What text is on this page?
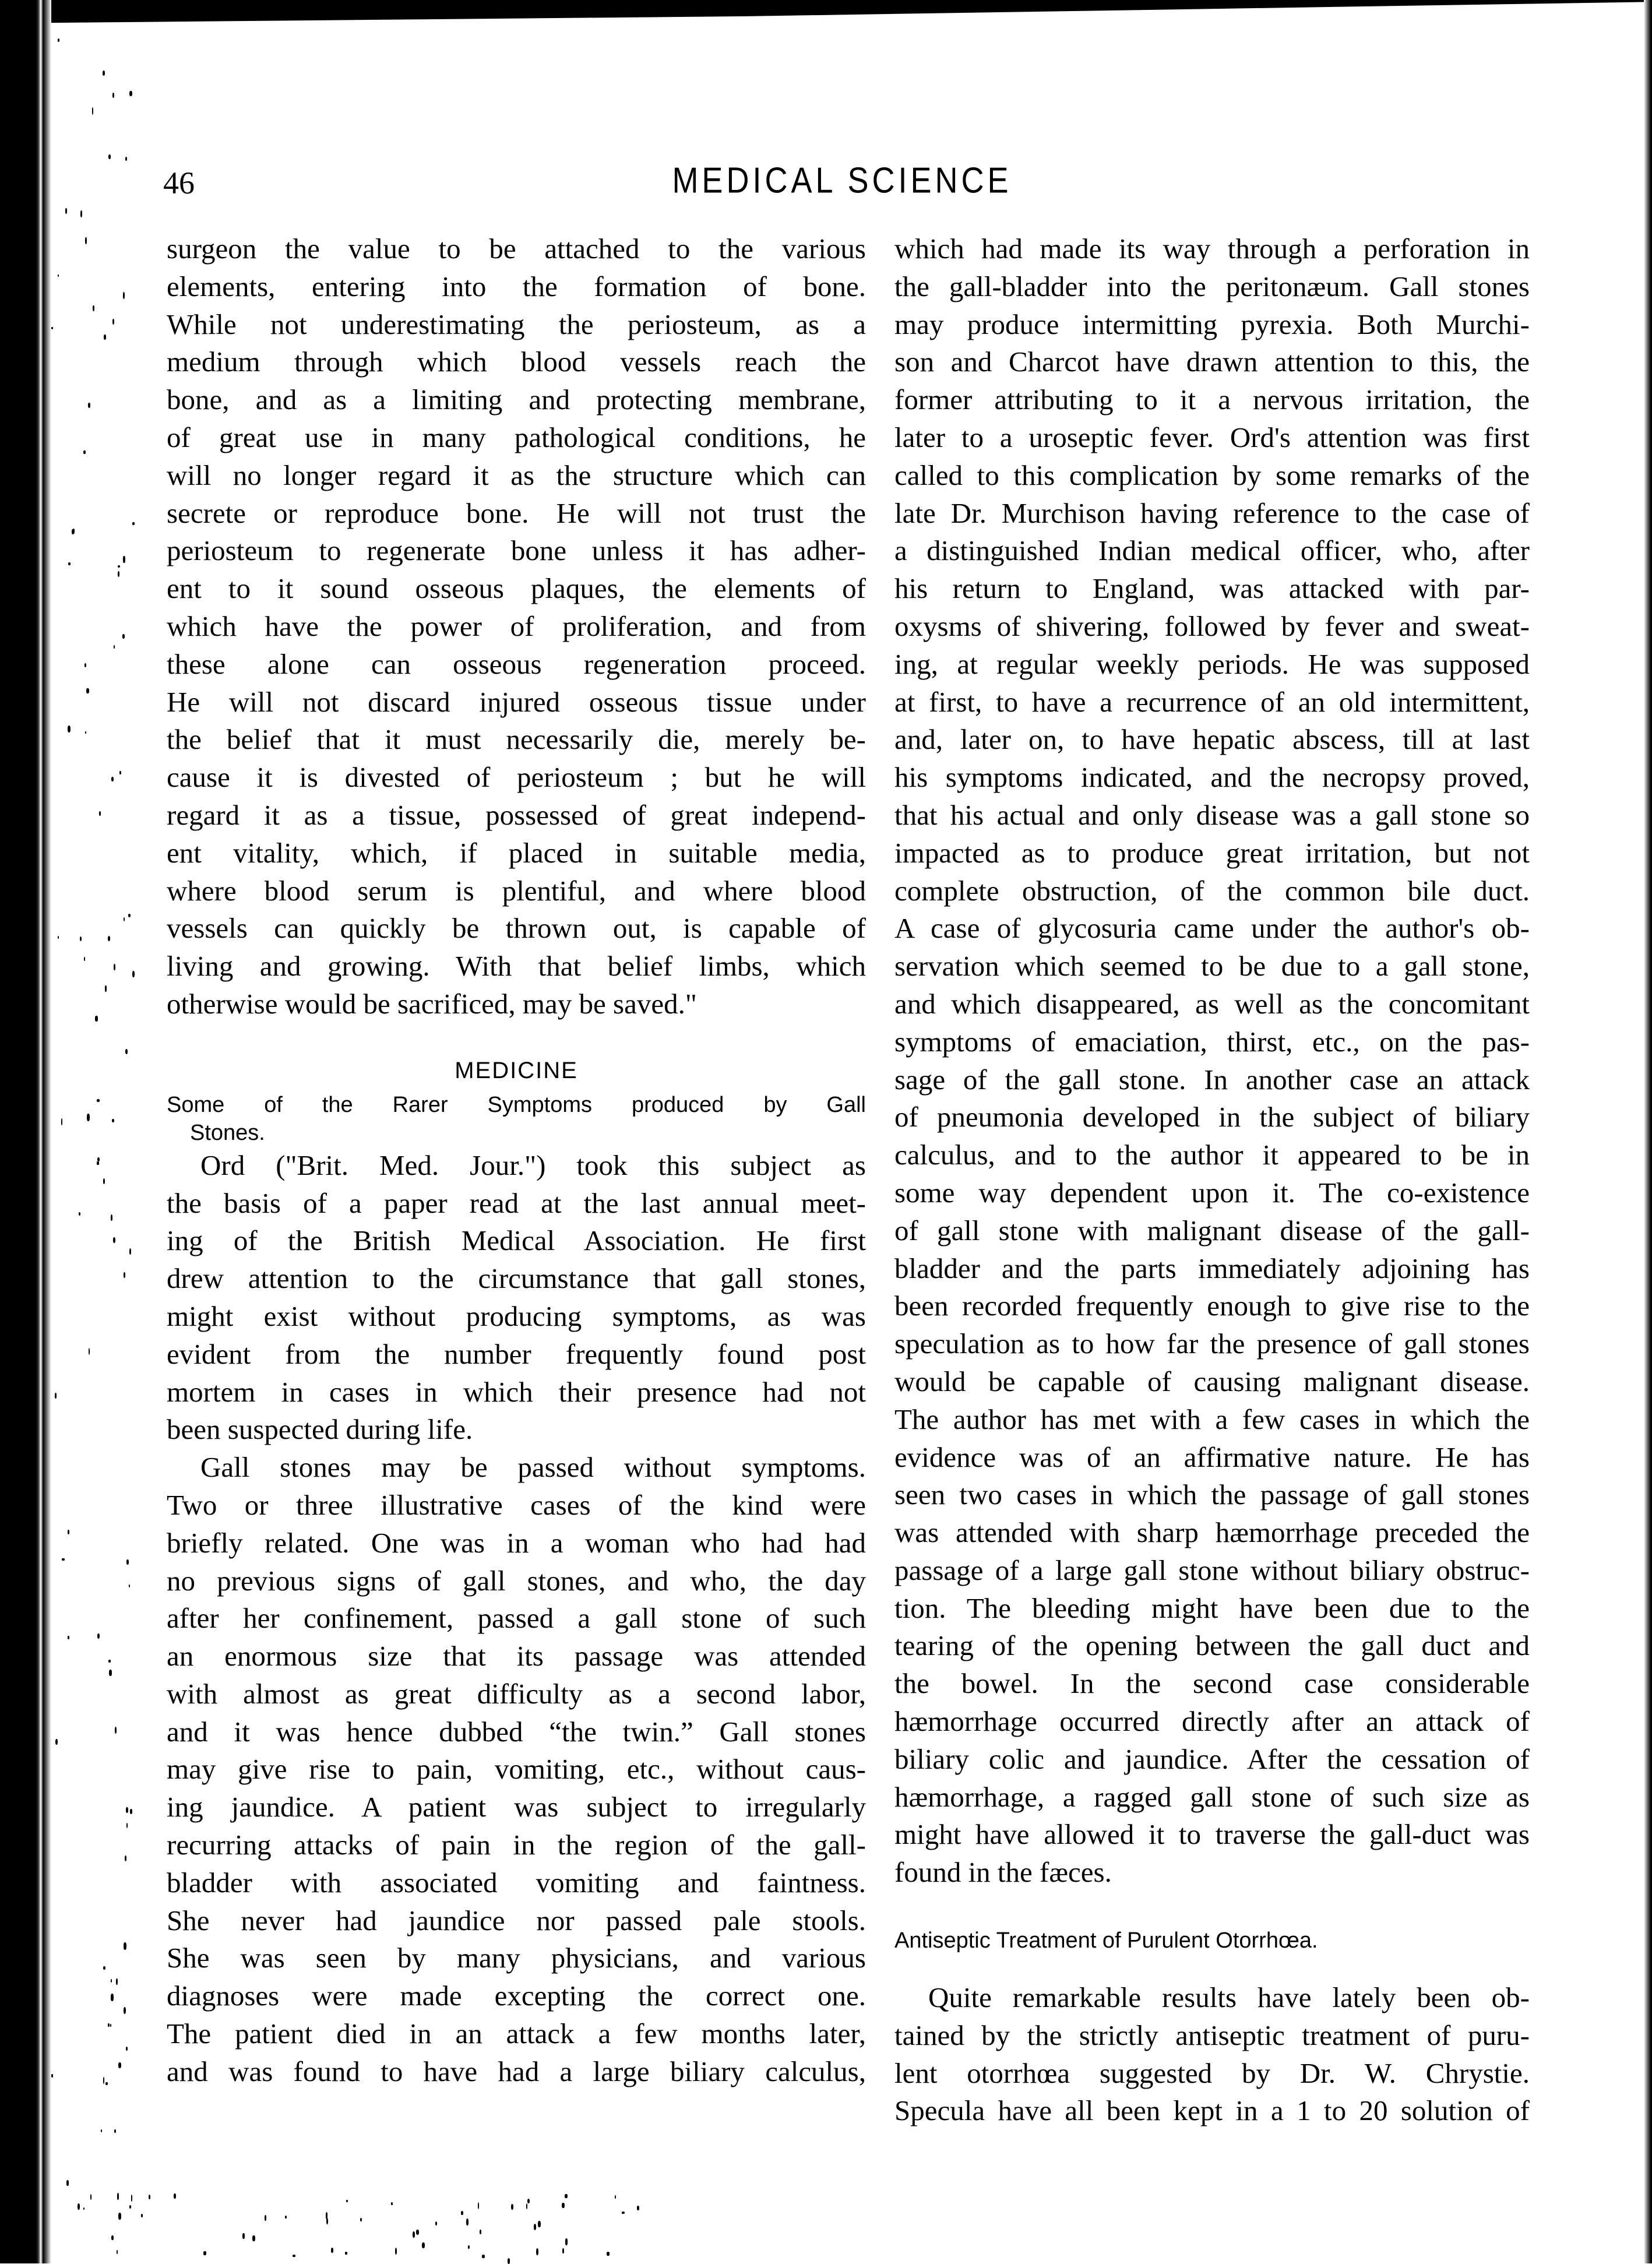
46	MEDICAL SCIENCE
surgeon the value to be attached to the various
elements, entering into the formation of bone.
While not underestimating the periosteum, as a
medium through which blood vessels reach the
bone, and as a limiting and protecting membrane,
of great use in many pathological conditions, he
will no longer regard it as the structure which can
secrete or reproduce bone. He will not trust the
periosteum to regenerate bone unless it has adher-
ent to it sound osseous plaques, the elements of
which have the power of proliferation, and from
these alone can osseous regeneration proceed.
He will not discard injured osseous tissue under
the belief that it must necessarily die, merely be-
cause it is divested of periosteum ; but he will
regard it as a tissue, possessed of great independ-
ent vitality, which, if placed in suitable media,
where blood serum is plentiful, and where blood
vessels can quickly be thrown out, is capable of
living and growing. With that belief limbs, which
otherwise would be sacrificed, may be saved."
MEDICINE
Some of the Rarer Symptoms produced by Gall
Stones.
Ord ("Brit. Med. Jour.") took this subject as
the basis of a paper read at the last annual meet-
ing of the British Medical Association. He first
drew attention to the circumstance that gall stones,
might exist without producing symptoms, as was
evident from the number frequently found post
mortem in cases in which their presence had not
been suspected during life.
Gall stones may be passed without symptoms.
Two or three illustrative cases of the kind were
briefly related. One was in a woman who had had
no previous signs of gall stones, and who, the day
after her confinement, passed a gall stone of such
an enormous size that its passage was attended
with almost as great difficulty as a second labor,
and it was hence dubbed “the twin.” Gall stones
may give rise to pain, vomiting, etc., without caus-
ing jaundice. A patient was subject to irregularly
recurring attacks of pain in the region of the gall-
bladder with associated vomiting and faintness.
She never had jaundice nor passed pale stools.
She was seen by many physicians, and various
diagnoses were made excepting the correct one.
The patient died in an attack a few months later,
and was found to have had a large biliary calculus,
which had made its way through a perforation in
the gall-bladder into the peritonæum. Gall stones
may produce intermitting pyrexia. Both Murchi-
son and Charcot have drawn attention to this, the
former attributing to it a nervous irritation, the
later to a uroseptic fever. Ord's attention was first
called to this complication by some remarks of the
late Dr. Murchison having reference to the case of
a distinguished Indian medical officer, who, after
his return to England, was attacked with par-
oxysms of shivering, followed by fever and sweat-
ing, at regular weekly periods. He was supposed
at first, to have a recurrence of an old intermittent,
and, later on, to have hepatic abscess, till at last
his symptoms indicated, and the necropsy proved,
that his actual and only disease was a gall stone so
impacted as to produce great irritation, but not
complete obstruction, of the common bile duct.
A case of glycosuria came under the author's ob-
servation which seemed to be due to a gall stone,
and which disappeared, as well as the concomitant
symptoms of emaciation, thirst, etc., on the pas-
sage of the gall stone. In another case an attack
of pneumonia developed in the subject of biliary
calculus, and to the author it appeared to be in
some way dependent upon it. The co-existence
of gall stone with malignant disease of the gall-
bladder and the parts immediately adjoining has
been recorded frequently enough to give rise to the
speculation as to how far the presence of gall stones
would be capable of causing malignant disease.
The author has met with a few cases in which the
evidence was of an affirmative nature. He has
seen two cases in which the passage of gall stones
was attended with sharp hæmorrhage preceded the
passage of a large gall stone without biliary obstruc-
tion. The bleeding might have been due to the
tearing of the opening between the gall duct and
the bowel. In the second case considerable
hæmorrhage occurred directly after an attack of
biliary colic and jaundice. After the cessation of
hæmorrhage, a ragged gall stone of such size as
might have allowed it to traverse the gall-duct was
found in the fæces.
Antiseptic Treatment of Purulent Otorrhœa.
Quite remarkable results have lately been ob-
tained by the strictly antiseptic treatment of puru-
lent otorrhœa suggested by Dr. W. Chrystie.
Specula have all been kept in a 1 to 20 solution of
